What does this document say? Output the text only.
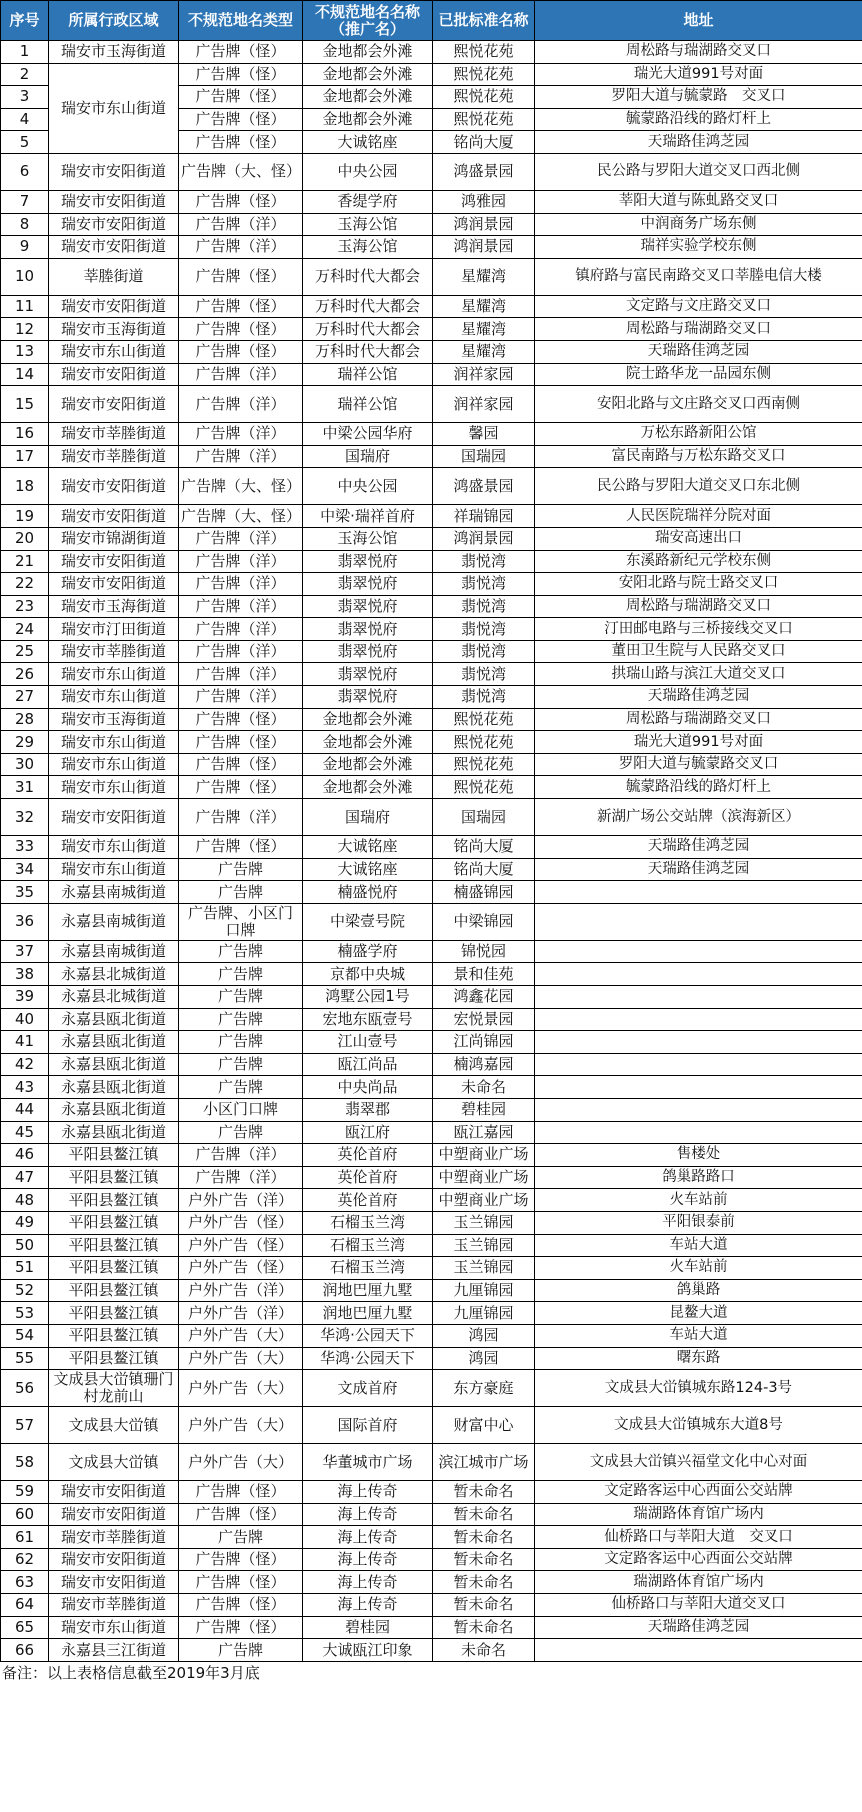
序号	所属行政区域	不规范地名类型	不规范地名名称（推广名）	已批标准名称	地址
1	瑞安市玉海街道	广告牌（怪）	金地都会外滩	熙悦花苑	周松路与瑞湖路交叉口
2	瑞安市东山街道	广告牌（怪）	金地都会外滩	熙悦花苑	瑞光大道991号对面
3		广告牌（怪）	金地都会外滩	熙悦花苑	罗阳大道与毓蒙路　交叉口
4		广告牌（怪）	金地都会外滩	熙悦花苑	毓蒙路沿线的路灯杆上
5		广告牌（怪）	大诚铭座	铭尚大厦	天瑞路佳鸿芝园
6	瑞安市安阳街道	广告牌（大、怪）	中央公园	鸿盛景园	民公路与罗阳大道交叉口西北侧
7	瑞安市安阳街道	广告牌（怪）	香缇学府	鸿雅园	莘阳大道与陈虬路交叉口
8	瑞安市安阳街道	广告牌（洋）	玉海公馆	鸿润景园	中润商务广场东侧
9	瑞安市安阳街道	广告牌（洋）	玉海公馆	鸿润景园	瑞祥实验学校东侧
10	莘塍街道	广告牌（怪）	万科时代大都会	星耀湾	镇府路与富民南路交叉口莘塍电信大楼
11	瑞安市安阳街道	广告牌（怪）	万科时代大都会	星耀湾	文定路与文庄路交叉口
12	瑞安市玉海街道	广告牌（怪）	万科时代大都会	星耀湾	周松路与瑞湖路交叉口
13	瑞安市东山街道	广告牌（怪）	万科时代大都会	星耀湾	天瑞路佳鸿芝园
14	瑞安市安阳街道	广告牌（洋）	瑞祥公馆	润祥家园	院士路华龙一品园东侧
15	瑞安市安阳街道	广告牌（洋）	瑞祥公馆	润祥家园	安阳北路与文庄路交叉口西南侧
16	瑞安市莘塍街道	广告牌（洋）	中梁公园华府	馨园	万松东路新阳公馆
17	瑞安市莘塍街道	广告牌（洋）	国瑞府	国瑞园	富民南路与万松东路交叉口
18	瑞安市安阳街道	广告牌（大、怪）	中央公园	鸿盛景园	民公路与罗阳大道交叉口东北侧
19	瑞安市安阳街道	广告牌（大、怪）	中梁·瑞祥首府	祥瑞锦园	人民医院瑞祥分院对面
20	瑞安市锦湖街道	广告牌（洋）	玉海公馆	鸿润景园	瑞安高速出口
21	瑞安市安阳街道	广告牌（洋）	翡翠悦府	翡悦湾	东溪路新纪元学校东侧
22	瑞安市安阳街道	广告牌（洋）	翡翠悦府	翡悦湾	安阳北路与院士路交叉口
23	瑞安市玉海街道	广告牌（洋）	翡翠悦府	翡悦湾	周松路与瑞湖路交叉口
24	瑞安市汀田街道	广告牌（洋）	翡翠悦府	翡悦湾	汀田邮电路与三桥接线交叉口
25	瑞安市莘塍街道	广告牌（洋）	翡翠悦府	翡悦湾	董田卫生院与人民路交叉口
26	瑞安市东山街道	广告牌（洋）	翡翠悦府	翡悦湾	拱瑞山路与滨江大道交叉口
27	瑞安市东山街道	广告牌（洋）	翡翠悦府	翡悦湾	天瑞路佳鸿芝园
28	瑞安市玉海街道	广告牌（怪）	金地都会外滩	熙悦花苑	周松路与瑞湖路交叉口
29	瑞安市东山街道	广告牌（怪）	金地都会外滩	熙悦花苑	瑞光大道991号对面
30	瑞安市东山街道	广告牌（怪）	金地都会外滩	熙悦花苑	罗阳大道与毓蒙路交叉口
31	瑞安市东山街道	广告牌（怪）	金地都会外滩	熙悦花苑	毓蒙路沿线的路灯杆上
32	瑞安市安阳街道	广告牌（洋）	国瑞府	国瑞园	新湖广场公交站牌（滨海新区）
33	瑞安市东山街道	广告牌（怪）	大诚铭座	铭尚大厦	天瑞路佳鸿芝园
34	瑞安市东山街道	广告牌	大诚铭座	铭尚大厦	天瑞路佳鸿芝园
35	永嘉县南城街道	广告牌	楠盛悦府	楠盛锦园	
36	永嘉县南城街道	广告牌、小区门口牌	中梁壹号院	中梁锦园	
37	永嘉县南城街道	广告牌	楠盛学府	锦悦园	
38	永嘉县北城街道	广告牌	京都中央城	景和佳苑	
39	永嘉县北城街道	广告牌	鸿墅公园1号	鸿鑫花园	
40	永嘉县瓯北街道	广告牌	宏地东瓯壹号	宏悦景园	
41	永嘉县瓯北街道	广告牌	江山壹号	江尚锦园	
42	永嘉县瓯北街道	广告牌	瓯江尚品	楠鸿嘉园	
43	永嘉县瓯北街道	广告牌	中央尚品	未命名	
44	永嘉县瓯北街道	小区门口牌	翡翠郡	碧桂园	
45	永嘉县瓯北街道	广告牌	瓯江府	瓯江嘉园	
46	平阳县鳌江镇	广告牌（洋）	英伦首府	中塑商业广场	售楼处
47	平阳县鳌江镇	广告牌（洋）	英伦首府	中塑商业广场	鸽巢路路口
48	平阳县鳌江镇	户外广告（洋）	英伦首府	中塑商业广场	火车站前
49	平阳县鳌江镇	户外广告（怪）	石榴玉兰湾	玉兰锦园	平阳银泰前
50	平阳县鳌江镇	户外广告（怪）	石榴玉兰湾	玉兰锦园	车站大道
51	平阳县鳌江镇	户外广告（怪）	石榴玉兰湾	玉兰锦园	火车站前
52	平阳县鳌江镇	户外广告（洋）	润地巴厘九墅	九厘锦园	鸽巢路
53	平阳县鳌江镇	户外广告（洋）	润地巴厘九墅	九厘锦园	昆鳌大道
54	平阳县鳌江镇	户外广告（大）	华鸿·公园天下	鸿园	车站大道
55	平阳县鳌江镇	户外广告（大）	华鸿·公园天下	鸿园	曙东路
56	文成县大峃镇珊门村龙前山	户外广告（大）	文成首府	东方豪庭	文成县大峃镇城东路124-3号
57	文成县大峃镇	户外广告（大）	国际首府	财富中心	文成县大峃镇城东大道8号
58	文成县大峃镇	户外广告（大）	华董城市广场	滨江城市广场	文成县大峃镇兴福堂文化中心对面
59	瑞安市安阳街道	广告牌（怪）	海上传奇	暂未命名	文定路客运中心西面公交站牌
60	瑞安市安阳街道	广告牌（怪）	海上传奇	暂未命名	瑞湖路体育馆广场内
61	瑞安市莘塍街道	广告牌	海上传奇	暂未命名	仙桥路口与莘阳大道　交叉口
62	瑞安市安阳街道	广告牌（怪）	海上传奇	暂未命名	文定路客运中心西面公交站牌
63	瑞安市安阳街道	广告牌（怪）	海上传奇	暂未命名	瑞湖路体育馆广场内
64	瑞安市莘塍街道	广告牌（怪）	海上传奇	暂未命名	仙桥路口与莘阳大道交叉口
65	瑞安市东山街道	广告牌（怪）	碧桂园	暂未命名	天瑞路佳鸿芝园
66	永嘉县三江街道	广告牌	大诚瓯江印象	未命名	
备注：以上表格信息截至2019年3月底
